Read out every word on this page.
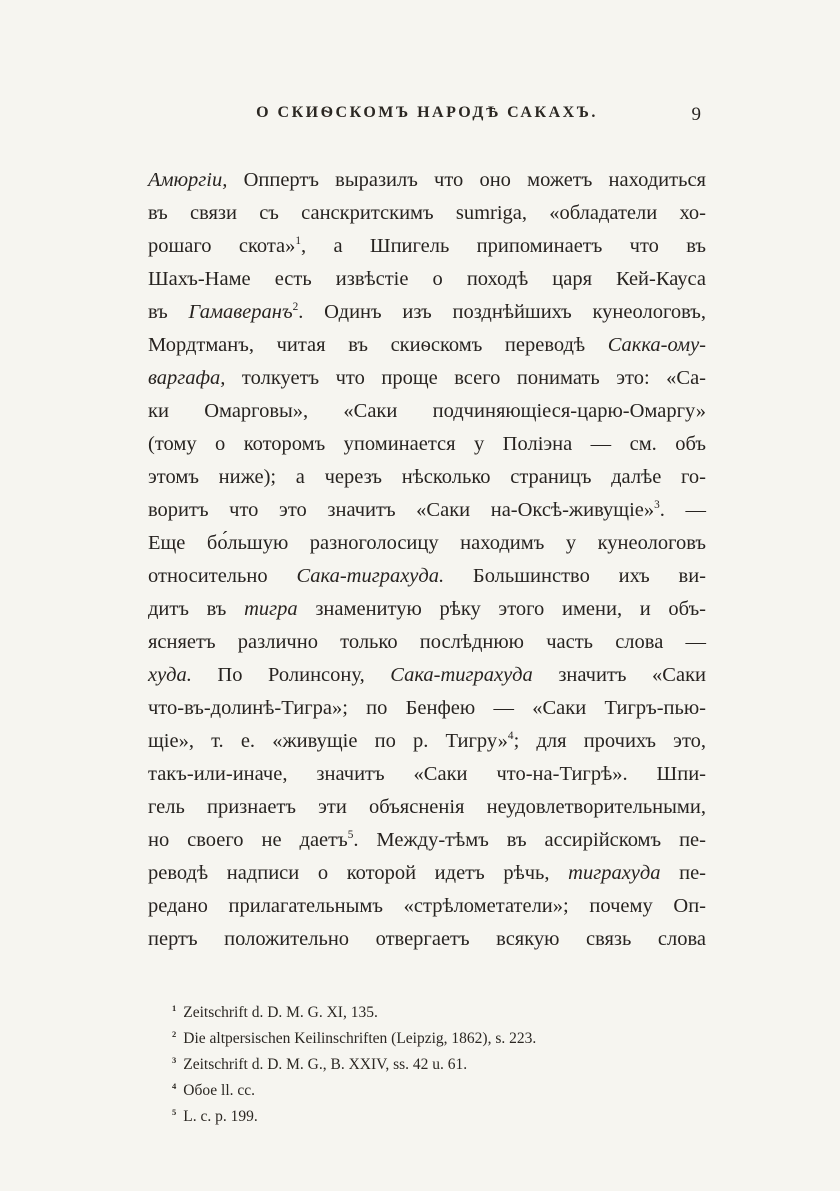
О СКИѲСКОМЪ НАРОДѢ САКАХЪ.	9
Амюргіи, Оппертъ выразилъ что оно можетъ находиться
въ связи съ санскритскимъ sumriga, «обладатели хо-
рошаго скота»$^1$, а Шпигель припоминаетъ что въ
Шахъ-Наме есть извѣстіе о походѣ царя Кей-Кауса
въ Гамаверанъ$^2$. Одинъ изъ позднѣйшихъ кунеологовъ,
Мордтманъ, читая въ скиѳскомъ переводѣ Сакка-ому-
варгафа, толкуетъ что проще всего понимать это: «Са-
ки Омарговы», «Саки подчиняющіеся-царю-Омаргу»
(тому о которомъ упоминается у Поліэна — см. объ
этомъ ниже); а черезъ нѣсколько страницъ далѣе го-
воритъ что это значитъ «Саки на-Оксѣ-живущіе»$^3$. —
Еще бо́льшую разноголосицу находимъ у кунеологовъ
относительно Сака-тиграхуда. Большинство ихъ ви-
дитъ въ тигра знаменитую рѣку этого имени, и объ-
ясняетъ различно только послѣднюю часть слова —
худа. По Ролинсону, Сака-тиграхуда значитъ «Саки
что-въ-долинѣ-Тигра»; по Бенфею — «Саки Тигръ-пью-
щіе», т. е. «живущіе по р. Тигру»$^4$; для прочихъ это,
такъ-или-иначе, значитъ «Саки что-на-Тигрѣ». Шпи-
гель признаетъ эти объясненія неудовлетворительными,
но своего не даетъ$^5$. Между-тѣмъ въ ассирійскомъ пе-
реводѣ надписи о которой идетъ рѣчь, тиграхуда пе-
редано прилагательнымъ «стрѣлометатели»; почему Оп-
пертъ положительно отвергаетъ всякую связь слова
$^1$ Zeitschrift d. D. M. G. XI, 135.
$^2$ Die altpersischen Keilinschriften (Leipzig, 1862), s. 223.
$^3$ Zeitschrift d. D. M. G., B. XXIV, ss. 42 u. 61.
$^4$ Обое ll. cc.
$^5$ L. c. p. 199.
